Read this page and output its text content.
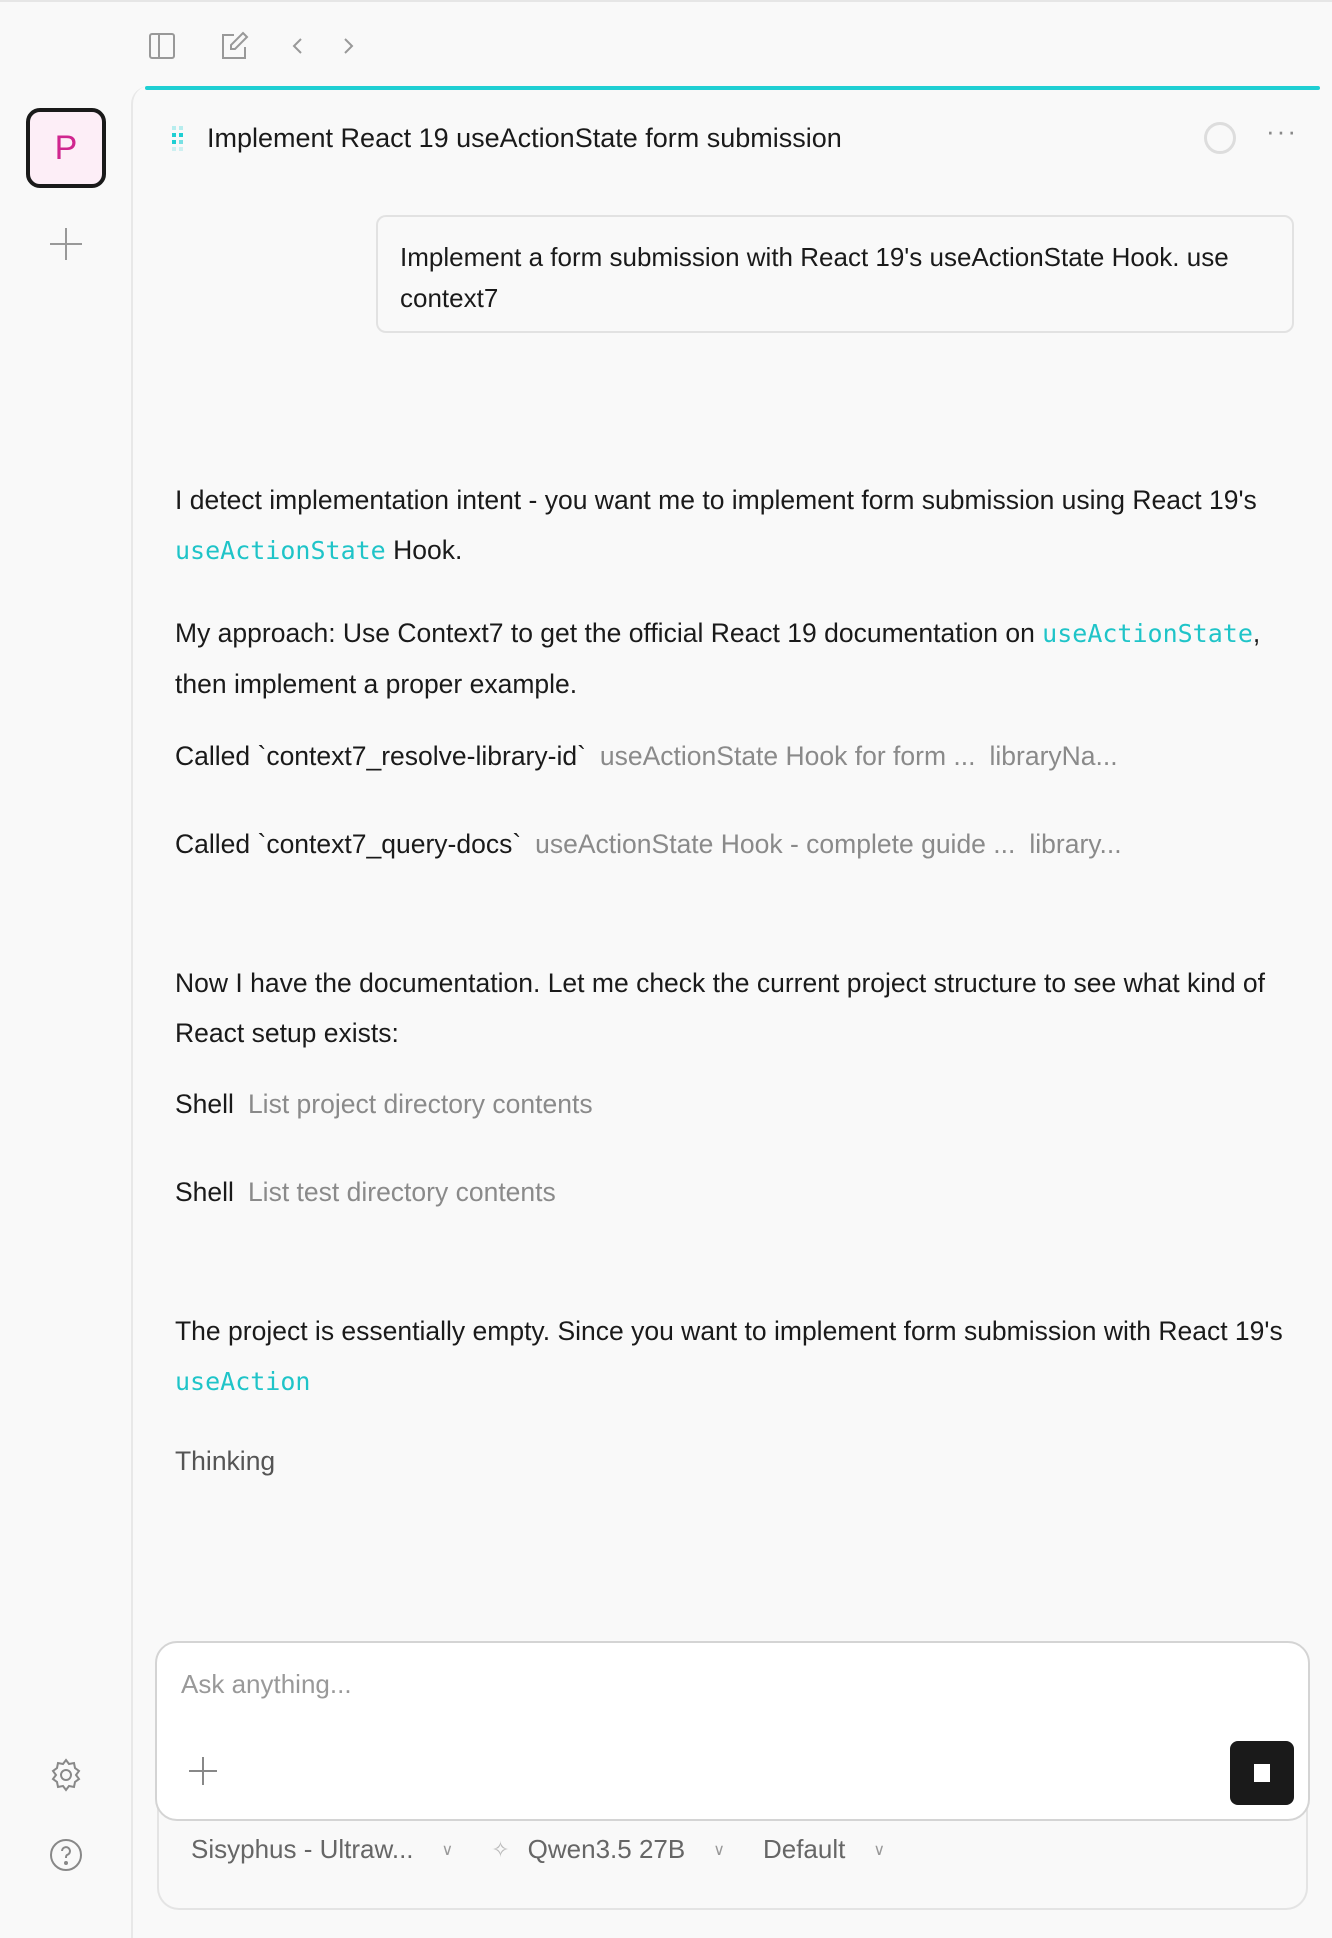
P	Implement React 19 useActionState form submission	···
Implement a form submission with React 19's useActionState Hook. use context7
I detect implementation intent - you want me to implement form submission using React 19's useActionState Hook.
My approach: Use Context7 to get the official React 19 documentation on useActionState, then implement a proper example.
Called `context7_resolve-library-id` useActionState Hook for form ... libraryNa...
Called `context7_query-docs` useActionState Hook - complete guide ... library...
Now I have the documentation. Let me check the current project structure to see what kind of React setup exists:
Shell List project directory contents
Shell List test directory contents
The project is essentially empty. Since you want to implement form submission with React 19's useAction
Thinking
Ask anything...
Sisyphus - Ultraw... ∨ ✧ Qwen3.5 27B ∨ Default ∨
